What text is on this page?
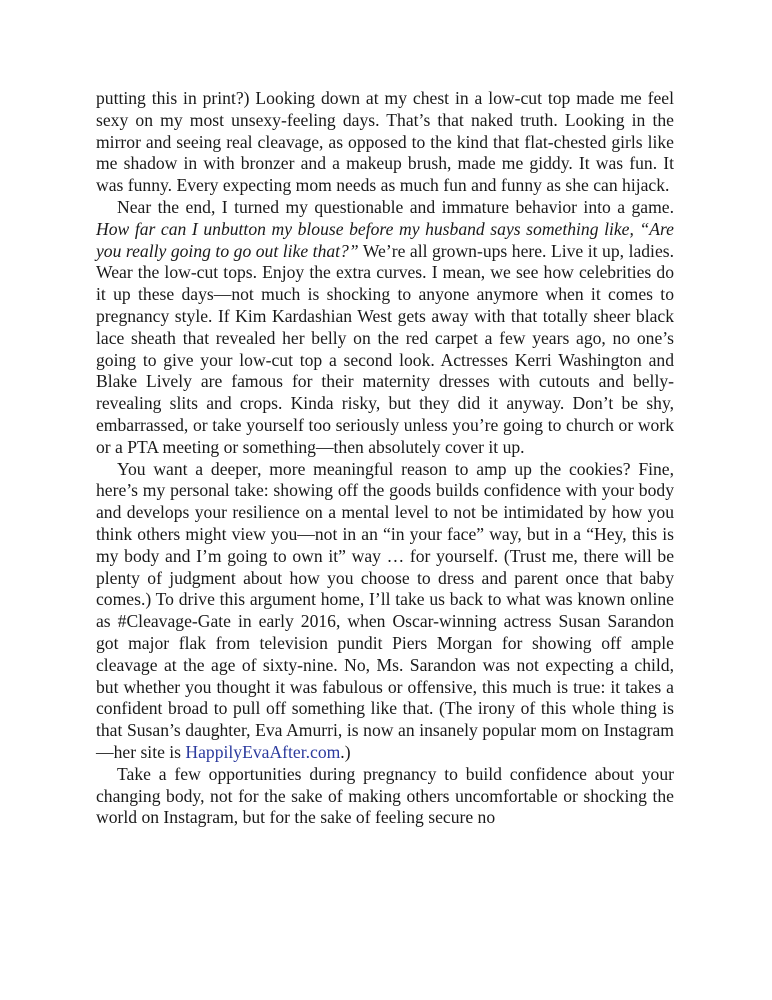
putting this in print?) Looking down at my chest in a low-cut top made me feel sexy on my most unsexy-feeling days. That’s that naked truth. Looking in the mirror and seeing real cleavage, as opposed to the kind that flat-chested girls like me shadow in with bronzer and a makeup brush, made me giddy. It was fun. It was funny. Every expecting mom needs as much fun and funny as she can hijack.

Near the end, I turned my questionable and immature behavior into a game. How far can I unbutton my blouse before my husband says something like, “Are you really going to go out like that?” We’re all grown-ups here. Live it up, ladies. Wear the low-cut tops. Enjoy the extra curves. I mean, we see how celebrities do it up these days—not much is shocking to anyone anymore when it comes to pregnancy style. If Kim Kardashian West gets away with that totally sheer black lace sheath that revealed her belly on the red carpet a few years ago, no one’s going to give your low-cut top a second look. Actresses Kerri Washington and Blake Lively are famous for their maternity dresses with cutouts and belly-revealing slits and crops. Kinda risky, but they did it anyway. Don’t be shy, embarrassed, or take yourself too seriously unless you’re going to church or work or a PTA meeting or something—then absolutely cover it up.

You want a deeper, more meaningful reason to amp up the cookies? Fine, here’s my personal take: showing off the goods builds confidence with your body and develops your resilience on a mental level to not be intimidated by how you think others might view you—not in an “in your face” way, but in a “Hey, this is my body and I’m going to own it” way … for yourself. (Trust me, there will be plenty of judgment about how you choose to dress and parent once that baby comes.) To drive this argument home, I’ll take us back to what was known online as #Cleavage-Gate in early 2016, when Oscar-winning actress Susan Sarandon got major flak from television pundit Piers Morgan for showing off ample cleavage at the age of sixty-nine. No, Ms. Sarandon was not expecting a child, but whether you thought it was fabulous or offensive, this much is true: it takes a confident broad to pull off something like that. (The irony of this whole thing is that Susan’s daughter, Eva Amurri, is now an insanely popular mom on Instagram—her site is HappilyEvaAfter.com.)

Take a few opportunities during pregnancy to build confidence about your changing body, not for the sake of making others uncomfortable or shocking the world on Instagram, but for the sake of feeling secure no
